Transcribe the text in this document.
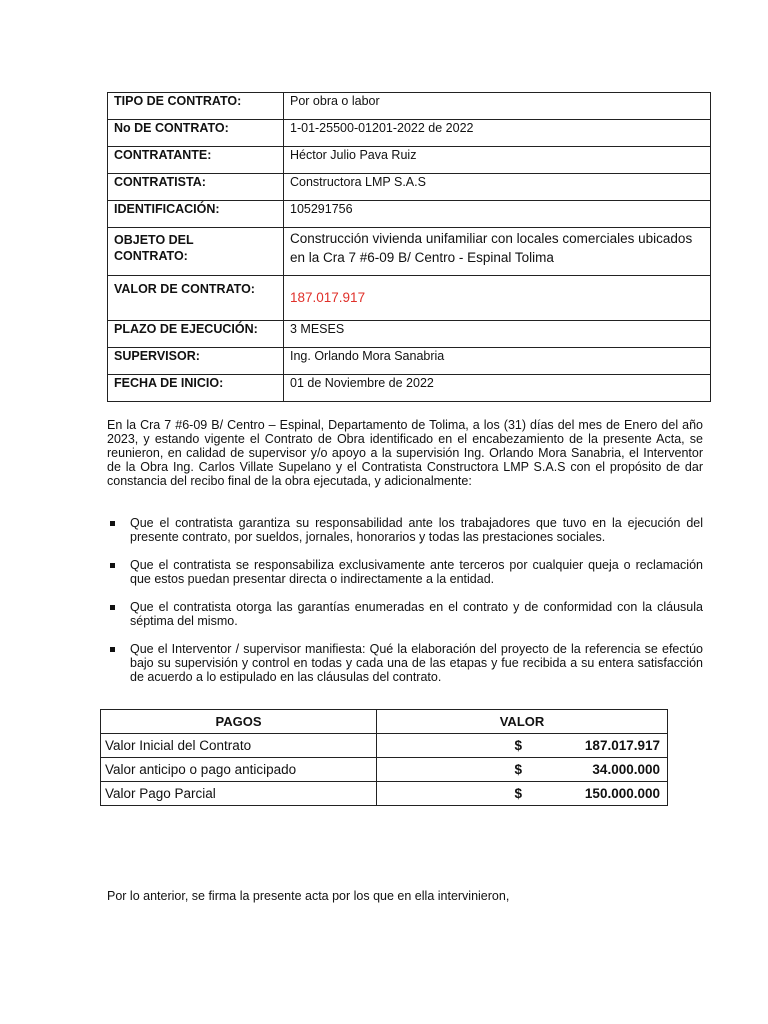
TIPO DE CONTRATO:	Por obra o labor
No DE CONTRATO:	1-01-25500-01201-2022 de 2022
CONTRATANTE:	Héctor Julio Pava Ruiz
CONTRATISTA:	Constructora LMP S.A.S
IDENTIFICACIÓN:	105291756

OBJETO DEL
CONTRATO:	Construcción vivienda unifamiliar con locales comerciales ubicados en la Cra 7 #6-09 B/ Centro - Espinal Tolima
VALOR DE CONTRATO:	187.017.917
PLAZO DE EJECUCIÓN:	3 MESES
SUPERVISOR:	Ing. Orlando Mora Sanabria
FECHA DE INICIO:	01 de Noviembre de 2022

En la Cra 7 #6-09 B/ Centro – Espinal, Departamento de Tolima, a los (31) días del mes de Enero del año 2023, y estando vigente el Contrato de Obra identificado en el encabezamiento de la presente Acta, se reunieron, en calidad de supervisor y/o apoyo a la supervisión Ing. Orlando Mora Sanabria, el Interventor de la Obra Ing. Carlos Villate Supelano y el Contratista Constructora LMP S.A.S con el propósito de dar constancia del recibo final de la obra ejecutada, y adicionalmente:

Que el contratista garantiza su responsabilidad ante los trabajadores que tuvo en la ejecución del presente contrato, por sueldos, jornales, honorarios y todas las prestaciones sociales.
Que el contratista se responsabiliza exclusivamente ante terceros por cualquier queja o reclamación que estos puedan presentar directa o indirectamente a la entidad.
Que el contratista otorga las garantías enumeradas en el contrato y de conformidad con la cláusula séptima del mismo.
Que el Interventor / supervisor manifiesta: Qué la elaboración del proyecto de la referencia se efectúo bajo su supervisión y control en todas y cada una de las etapas y fue recibida a su entera satisfacción de acuerdo a lo estipulado en las cláusulas del contrato.
PAGOS	VALOR	
Valor Inicial del Contrato	$	187.017.917
Valor anticipo o pago anticipado	$	34.000.000
Valor Pago Parcial	$	150.000.000

Por lo anterior, se firma la presente acta por los que en ella intervinieron,
